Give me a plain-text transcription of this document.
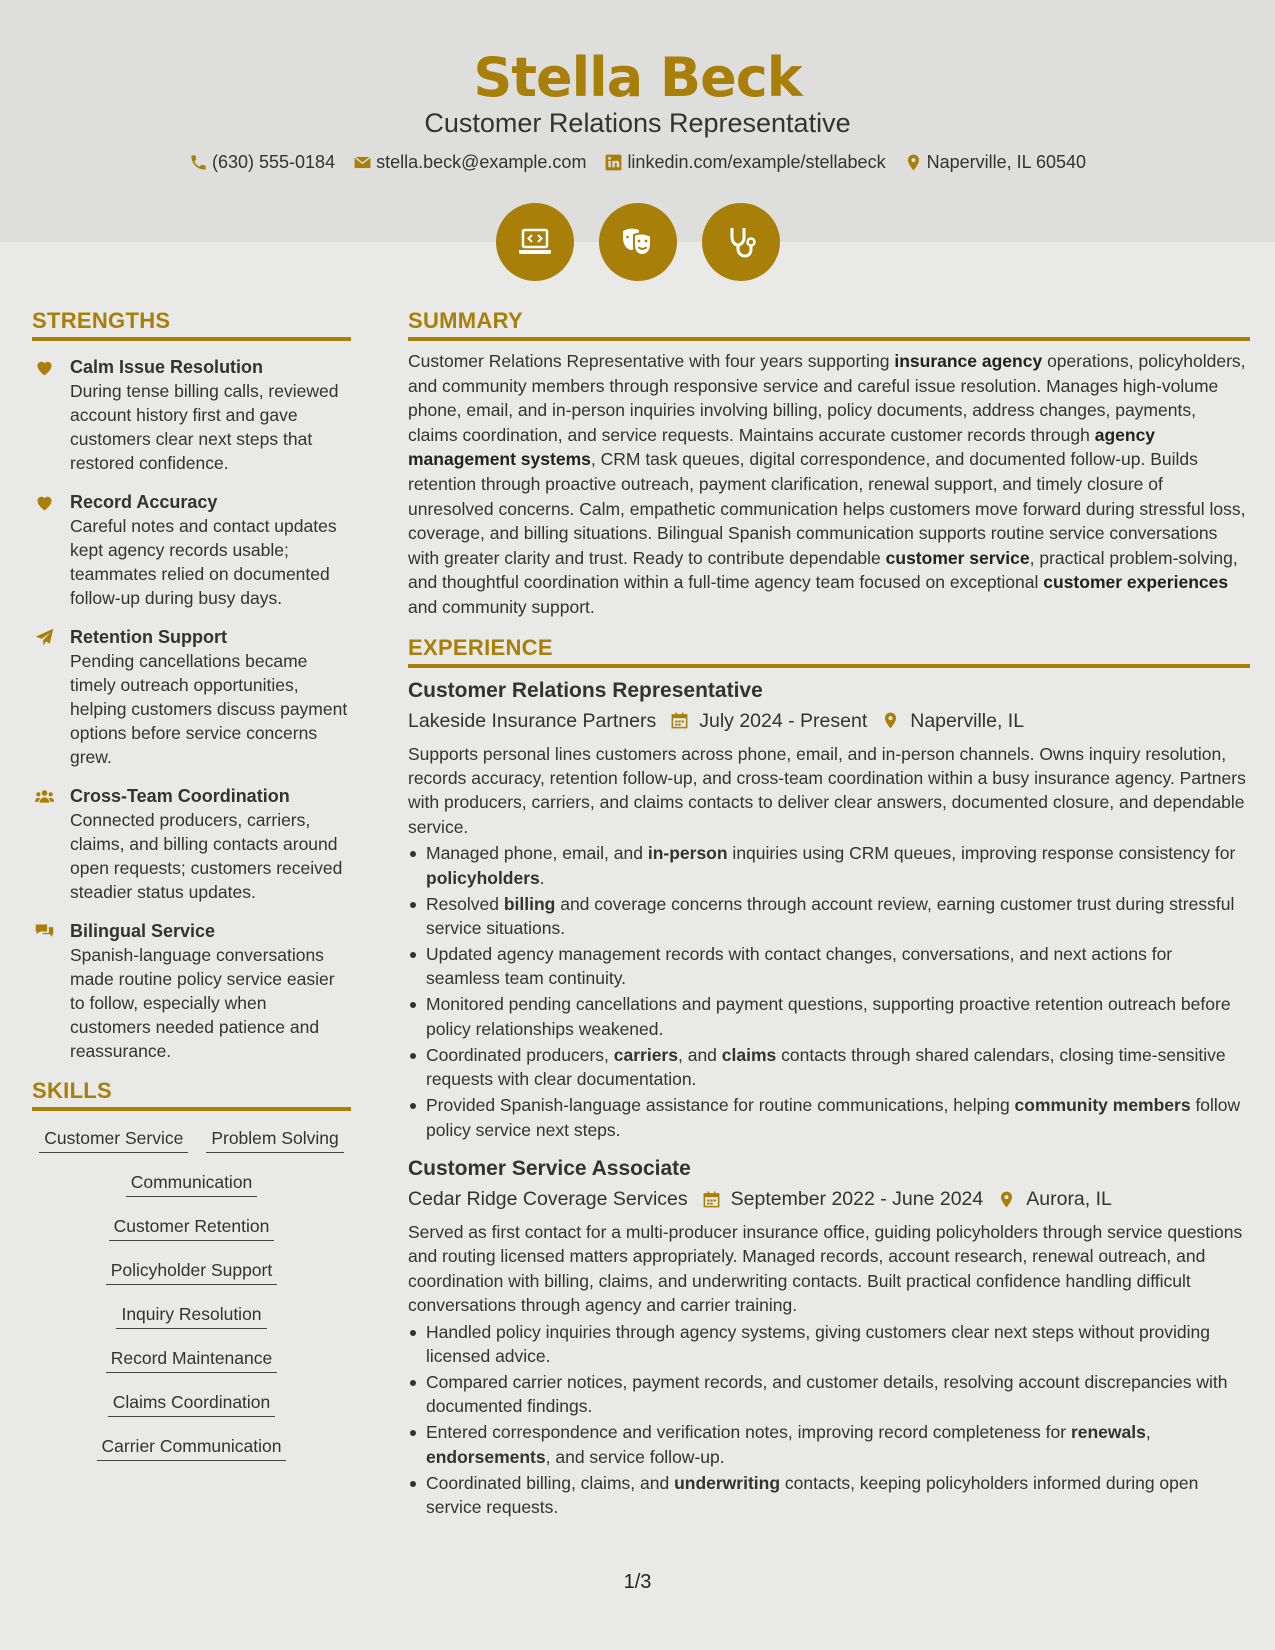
Stella Beck
Customer Relations Representative
(630) 555-0184 stella.beck@example.com linkedin.com/example/stellabeck Naperville, IL 60540
STRENGTHS
Calm Issue Resolution
During tense billing calls, reviewed account history first and gave customers clear next steps that restored confidence.
Record Accuracy
Careful notes and contact updates kept agency records usable; teammates relied on documented follow-up during busy days.
Retention Support
Pending cancellations became timely outreach opportunities, helping customers discuss payment options before service concerns grew.
Cross-Team Coordination
Connected producers, carriers, claims, and billing contacts around open requests; customers received steadier status updates.
Bilingual Service
Spanish-language conversations made routine policy service easier to follow, especially when customers needed patience and reassurance.
SKILLS
Customer Service Problem Solving
Communication
Customer Retention
Policyholder Support
Inquiry Resolution
Record Maintenance
Claims Coordination
Carrier Communication
SUMMARY
Customer Relations Representative with four years supporting insurance agency operations, policyholders, and community members through responsive service and careful issue resolution. Manages high-volume phone, email, and in-person inquiries involving billing, policy documents, address changes, payments, claims coordination, and service requests. Maintains accurate customer records through agency management systems, CRM task queues, digital correspondence, and documented follow-up. Builds retention through proactive outreach, payment clarification, renewal support, and timely closure of unresolved concerns. Calm, empathetic communication helps customers move forward during stressful loss, coverage, and billing situations. Bilingual Spanish communication supports routine service conversations with greater clarity and trust. Ready to contribute dependable customer service, practical problem-solving, and thoughtful coordination within a full-time agency team focused on exceptional customer experiences and community support.
EXPERIENCE
Customer Relations Representative
Lakeside Insurance Partners July 2024 - Present Naperville, IL
Supports personal lines customers across phone, email, and in-person channels. Owns inquiry resolution, records accuracy, retention follow-up, and cross-team coordination within a busy insurance agency. Partners with producers, carriers, and claims contacts to deliver clear answers, documented closure, and dependable service.
Managed phone, email, and in-person inquiries using CRM queues, improving response consistency for policyholders.
Resolved billing and coverage concerns through account review, earning customer trust during stressful service situations.
Updated agency management records with contact changes, conversations, and next actions for seamless team continuity.
Monitored pending cancellations and payment questions, supporting proactive retention outreach before policy relationships weakened.
Coordinated producers, carriers, and claims contacts through shared calendars, closing time-sensitive requests with clear documentation.
Provided Spanish-language assistance for routine communications, helping community members follow policy service next steps.
Customer Service Associate
Cedar Ridge Coverage Services September 2022 - June 2024 Aurora, IL
Served as first contact for a multi-producer insurance office, guiding policyholders through service questions and routing licensed matters appropriately. Managed records, account research, renewal outreach, and coordination with billing, claims, and underwriting contacts. Built practical confidence handling difficult conversations through agency and carrier training.
Handled policy inquiries through agency systems, giving customers clear next steps without providing licensed advice.
Compared carrier notices, payment records, and customer details, resolving account discrepancies with documented findings.
Entered correspondence and verification notes, improving record completeness for renewals, endorsements, and service follow-up.
Coordinated billing, claims, and underwriting contacts, keeping policyholders informed during open service requests.
1/3
